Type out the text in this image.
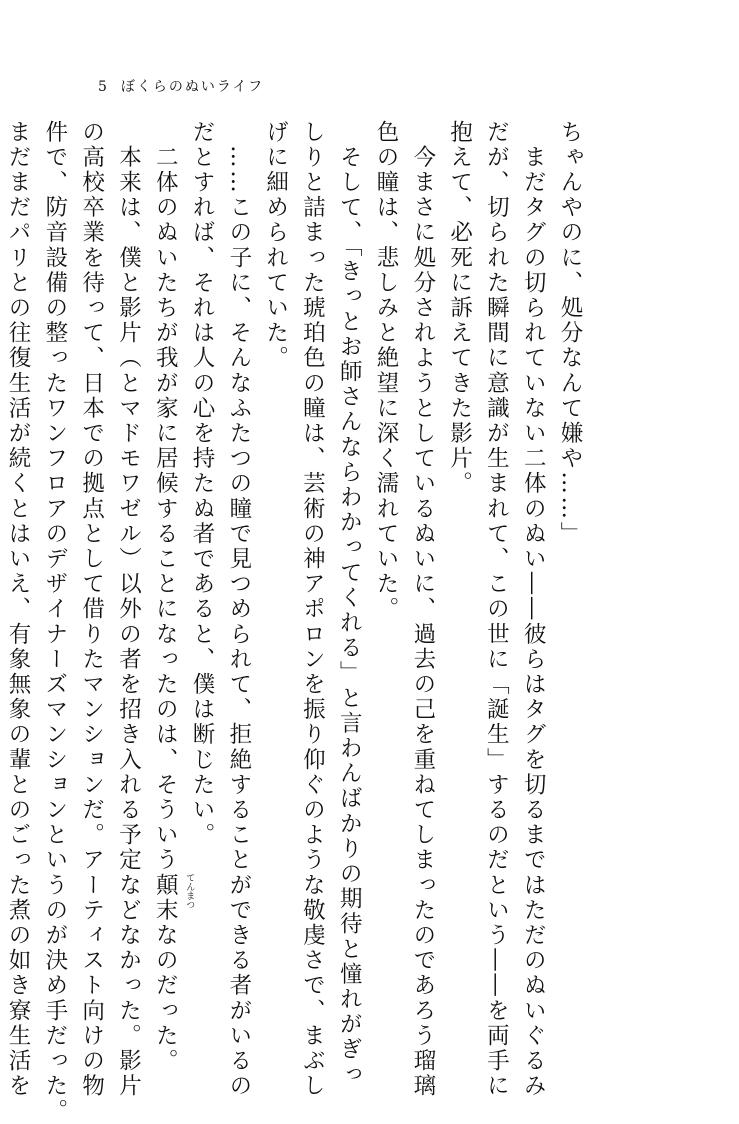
5 ぼくらのぬいライフ
ちゃんやのに、処分なんて嫌や……」
　まだタグの切られていない二体のぬい――彼らはタグを切るまではただのぬいぐるみ
だが、切られた瞬間に意識が生まれて、この世に「誕生」するのだという――を両手に
抱えて、必死に訴えてきた影片。
　今まさに処分されようとしているぬいに、過去の己を重ねてしまったのであろう瑠璃
色の瞳は、悲しみと絶望に深く濡れていた。
　そして、「きっとお師さんならわかってくれる」と言わんばかりの期待と憧れがぎっ
しりと詰まった琥珀色の瞳は、芸術の神アポロンを振り仰ぐのような敬虔さで、まぶし
げに細められていた。
　……この子に、そんなふたつの瞳で見つめられて、拒絶することができる者がいるの
だとすれば、それは人の心を持たぬ者であると、僕は断じたい。
　二体のぬいたちが我が家に居候することになったのは、そういう顛末 てんまつ
なのだった。
　本来は、僕と影片（とマドモワゼル）以外の者を招き入れる予定などなかった。影片
の高校卒業を待って、日本での拠点として借りたマンションだ。アーティスト向けの物
件で、防音設備の整ったワンフロアのデザイナーズマンションというのが決め手だった。
まだまだパリとの往復生活が続くとはいえ、有象無象の輩とのごった煮の如き寮生活を
